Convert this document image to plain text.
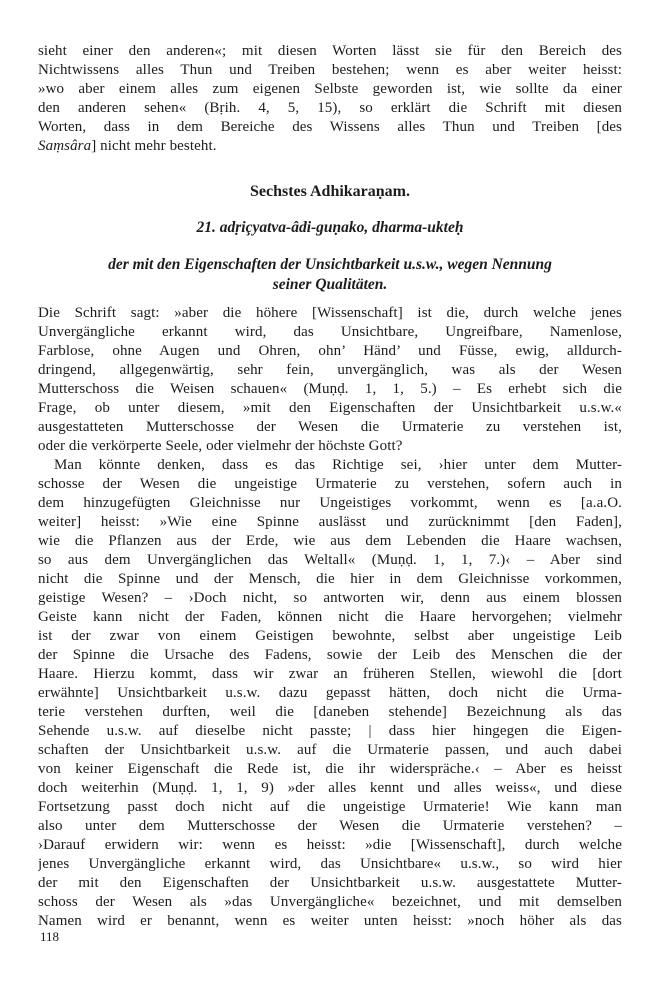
sieht einer den anderen«; mit diesen Worten lässt sie für den Bereich des
Nichtwissens alles Thun und Treiben bestehen; wenn es aber weiter heisst:
»wo aber einem alles zum eigenen Selbste geworden ist, wie sollte da einer
den anderen sehen« (Bṛih. 4, 5, 15), so erklärt die Schrift mit diesen
Worten, dass in dem Bereiche des Wissens alles Thun und Treiben [des
Saṃsâra] nicht mehr besteht.
Sechstes Adhikaraṇam.
21. adṛiçyatva-âdi-guṇako, dharma-ukteḥ
der mit den Eigenschaften der Unsichtbarkeit u.s.w., wegen Nennung
seiner Qualitäten.
Die Schrift sagt: »aber die höhere [Wissenschaft] ist die, durch welche jenes
Unvergängliche erkannt wird, das Unsichtbare, Ungreifbare, Namenlose,
Farblose, ohne Augen und Ohren, ohn’ Händ’ und Füsse, ewig, alldurch-
dringend, allgegenwärtig, sehr fein, unvergänglich, was als der Wesen
Mutterschoss die Weisen schauen« (Muṇḍ. 1, 1, 5.) – Es erhebt sich die
Frage, ob unter diesem, »mit den Eigenschaften der Unsichtbarkeit u.s.w.«
ausgestatteten Mutterschosse der Wesen die Urmaterie zu verstehen ist,
oder die verkörperte Seele, oder vielmehr der höchste Gott?
Man könnte denken, dass es das Richtige sei, ›hier unter dem Mutter-
schosse der Wesen die ungeistige Urmaterie zu verstehen, sofern auch in
dem hinzugefügten Gleichnisse nur Ungeistiges vorkommt, wenn es [a.a.O.
weiter] heisst: »Wie eine Spinne auslässt und zurücknimmt [den Faden],
wie die Pflanzen aus der Erde, wie aus dem Lebenden die Haare wachsen,
so aus dem Unvergänglichen das Weltall« (Muṇḍ. 1, 1, 7.)‹ – Aber sind
nicht die Spinne und der Mensch, die hier in dem Gleichnisse vorkommen,
geistige Wesen? – ›Doch nicht, so antworten wir, denn aus einem blossen
Geiste kann nicht der Faden, können nicht die Haare hervorgehen; vielmehr
ist der zwar von einem Geistigen bewohnte, selbst aber ungeistige Leib
der Spinne die Ursache des Fadens, sowie der Leib des Menschen die der
Haare. Hierzu kommt, dass wir zwar an früheren Stellen, wiewohl die [dort
erwähnte] Unsichtbarkeit u.s.w. dazu gepasst hätten, doch nicht die Urma-
terie verstehen durften, weil die [daneben stehende] Bezeichnung als das
Sehende u.s.w. auf dieselbe nicht passte; | dass hier hingegen die Eigen-
schaften der Unsichtbarkeit u.s.w. auf die Urmaterie passen, und auch dabei
von keiner Eigenschaft die Rede ist, die ihr widerspräche.‹ – Aber es heisst
doch weiterhin (Muṇḍ. 1, 1, 9) »der alles kennt und alles weiss«, und diese
Fortsetzung passt doch nicht auf die ungeistige Urmaterie! Wie kann man
also unter dem Mutterschosse der Wesen die Urmaterie verstehen? –
›Darauf erwidern wir: wenn es heisst: »die [Wissenschaft], durch welche
jenes Unvergängliche erkannt wird, das Unsichtbare« u.s.w., so wird hier
der mit den Eigenschaften der Unsichtbarkeit u.s.w. ausgestattete Mutter-
schoss der Wesen als »das Unvergängliche« bezeichnet, und mit demselben
Namen wird er benannt, wenn es weiter unten heisst: »noch höher als das
118
